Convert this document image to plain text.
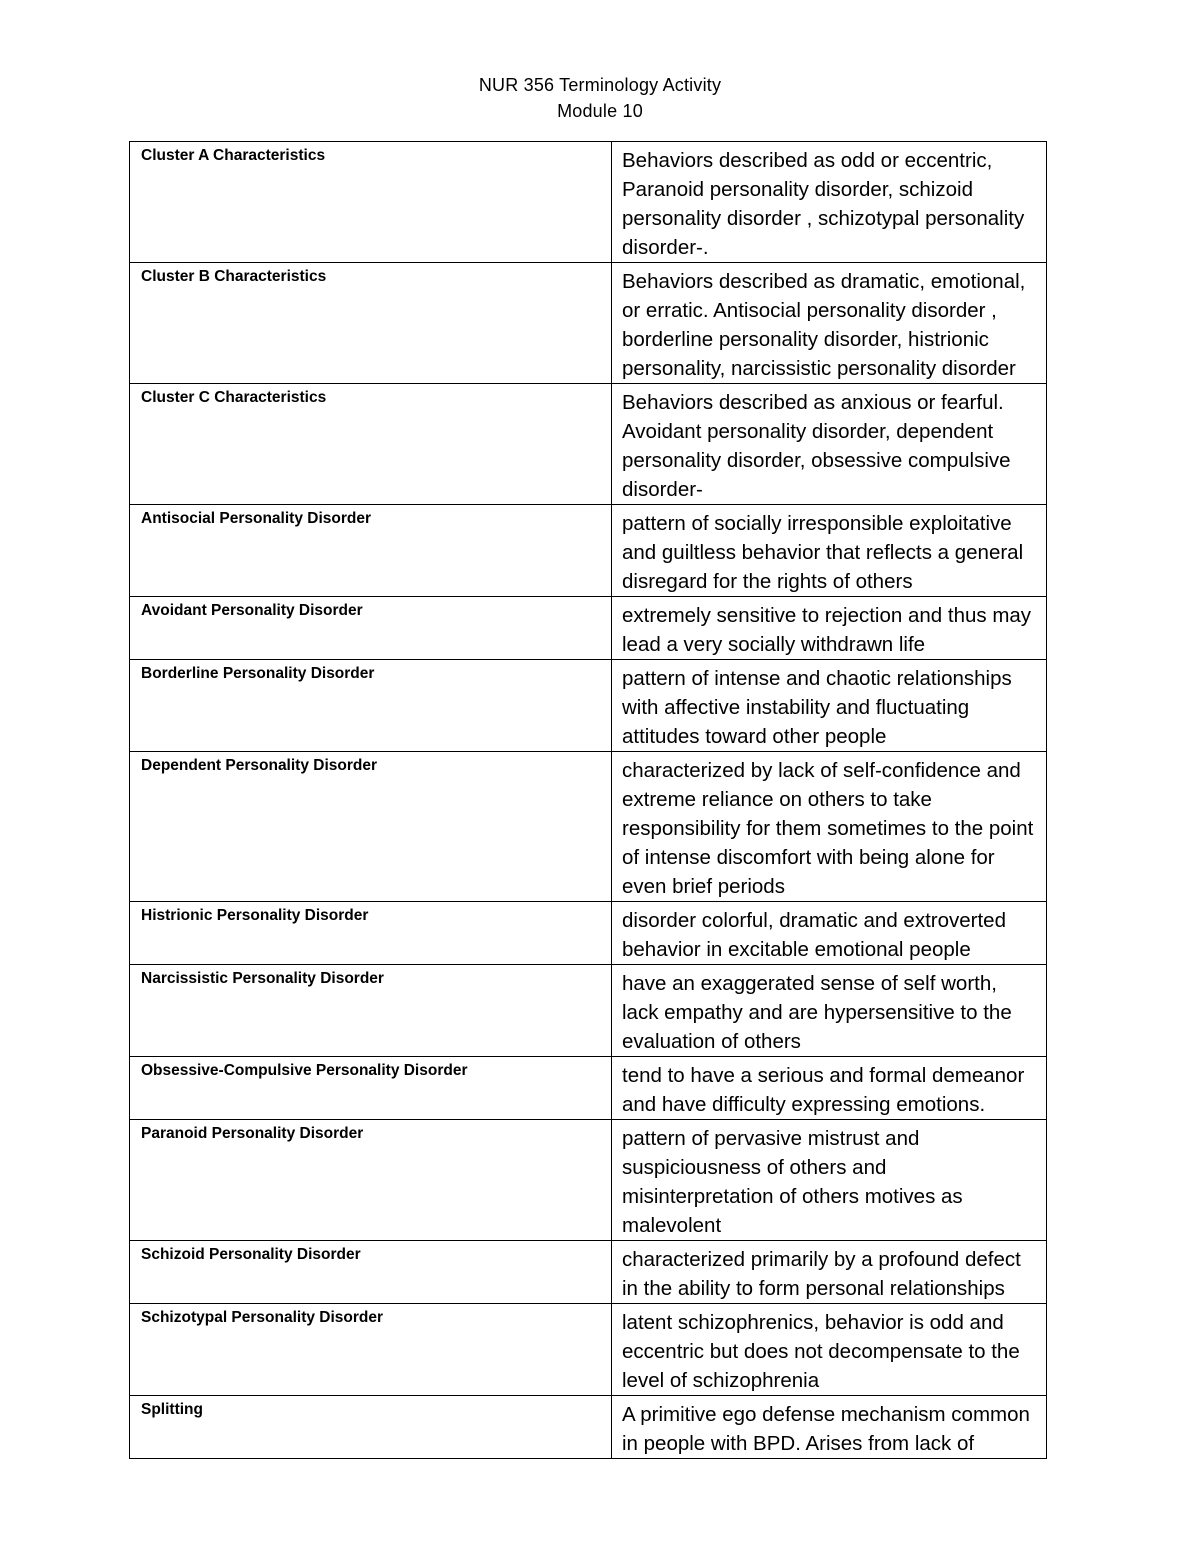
NUR 356 Terminology Activity
Module 10
Cluster A Characteristics	Behaviors described as odd or eccentric, Paranoid personality disorder, schizoid personality disorder , schizotypal personality disorder-.
Cluster B Characteristics	Behaviors described as dramatic, emotional, or erratic. Antisocial personality disorder , borderline personality disorder, histrionic personality, narcissistic personality disorder
Cluster C Characteristics	Behaviors described as anxious or fearful. Avoidant personality disorder, dependent personality disorder, obsessive compulsive disorder-
Antisocial Personality Disorder	pattern of socially irresponsible exploitative and guiltless behavior that reflects a general disregard for the rights of others
Avoidant Personality Disorder	extremely sensitive to rejection and thus may lead a very socially withdrawn life
Borderline Personality Disorder	pattern of intense and chaotic relationships with affective instability and fluctuating attitudes toward other people
Dependent Personality Disorder	characterized by lack of self-confidence and extreme reliance on others to take responsibility for them sometimes to the point of intense discomfort with being alone for even brief periods
Histrionic Personality Disorder	disorder colorful, dramatic and extroverted behavior in excitable emotional people
Narcissistic Personality Disorder	have an exaggerated sense of self worth, lack empathy and are hypersensitive to the evaluation of others
Obsessive-Compulsive Personality Disorder	tend to have a serious and formal demeanor and have difficulty expressing emotions.
Paranoid Personality Disorder	pattern of pervasive mistrust and suspiciousness of others and misinterpretation of others motives as malevolent
Schizoid Personality Disorder	characterized primarily by a profound defect in the ability to form personal relationships
Schizotypal Personality Disorder	latent schizophrenics, behavior is odd and eccentric but does not decompensate to the level of schizophrenia
Splitting	A primitive ego defense mechanism common in people with BPD. Arises from lack of
